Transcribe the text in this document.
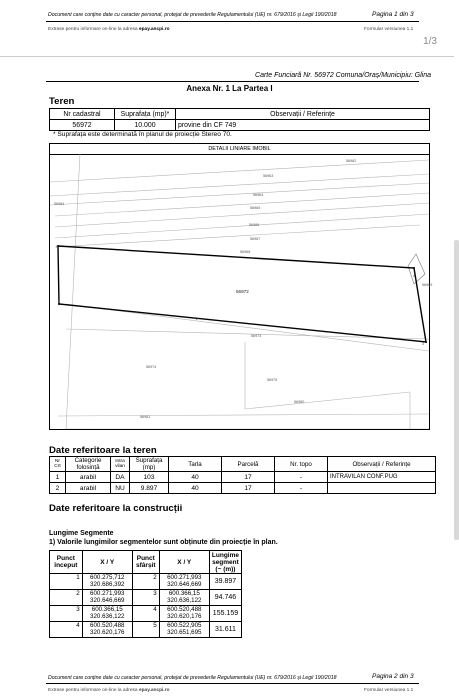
Document care conține date cu caracter personal, protejat de prevederile Regulamentului (UE) nr. 679/2016 și Legii 190/2018	Pagina 1 din 3
Extrase pentru informare on-line la adresa epay.ancpi.ro	Formular versiunea 1.1
1/3
Carte Funciară Nr. 56972 Comuna/Oraș/Municipiu: Glina
Anexa Nr. 1 La Partea I
Teren
Nr cadastral	Suprafața (mp)*	Observații / Referințe
56972	10.000	provine din CF 749
* Suprafața este determinată în planul de proiecție Stereo 70.
DETALII LINIARE IMOBIL
56962
56963
56964
56965
56966
56967
56968
56969
56972
56973
56974
56975
56980
56981
56984
1
2
3
4
5
Date referitoare la teren
Nr Crt	Categorie folosință	Intra vilan	Suprafața (mp)	Tarla	Parcelă	Nr. topo	Observații / Referințe
1	arabil	DA	103	40	17	-	INTRAVILAN CONF.PUG
2	arabil	NU	9.897	40	17	-	
Date referitoare la construcții
Lungime Segmente
1) Valorile lungimilor segmentelor sunt obținute din proiecție în plan.
Punct început	X / Y	Punct sfârșit	X / Y	Lungime segment (~ (m))
1	600.275,712
320.686,392	2	600.271,993
320.646,669	39.897
2	600.271,993
320.646,669	3	600.366,15
320.636,122	94.746
3	600.366,15
320.636,122	4	600.520,488
320.620,176	155.159
4	600.520,488
320.620,176	5	600.522,905
320.651,695	31.611
Document care conține date cu caracter personal, protejat de prevederile Regulamentului (UE) nr. 679/2016 și Legii 190/2018	Pagina 2 din 3
Extrase pentru informare on-line la adresa epay.ancpi.ro	Formular versiunea 1.1
